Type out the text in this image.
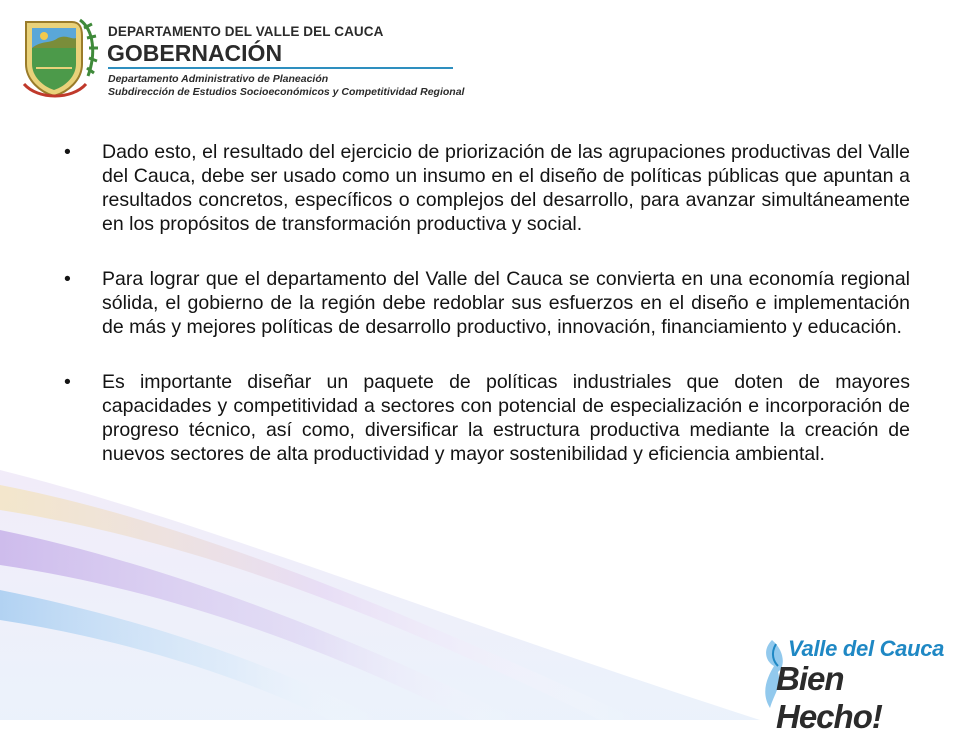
DEPARTAMENTO DEL VALLE DEL CAUCA
GOBERNACIÓN
Departamento Administrativo de Planeación
Subdirección de Estudios Socioeconómicos y Competitividad Regional
• Dado esto, el resultado del ejercicio de priorización de las agrupaciones productivas del Valle del Cauca, debe ser usado como un insumo en el diseño de políticas públicas que apuntan a resultados concretos, específicos o complejos del desarrollo, para avanzar simultáneamente en los propósitos de transformación productiva y social.
• Para lograr que el departamento del Valle del Cauca se convierta en una economía regional sólida, el gobierno de la región debe redoblar sus esfuerzos en el diseño e implementación de más y mejores políticas de desarrollo productivo, innovación, financiamiento y educación.
• Es importante diseñar un paquete de políticas industriales que doten de mayores capacidades y competitividad a sectores con potencial de especialización e incorporación de progreso técnico, así como, diversificar la estructura productiva mediante la creación de nuevos sectores de alta productividad y mayor sostenibilidad y eficiencia ambiental.
Valle del Cauca
Bien Hecho!
